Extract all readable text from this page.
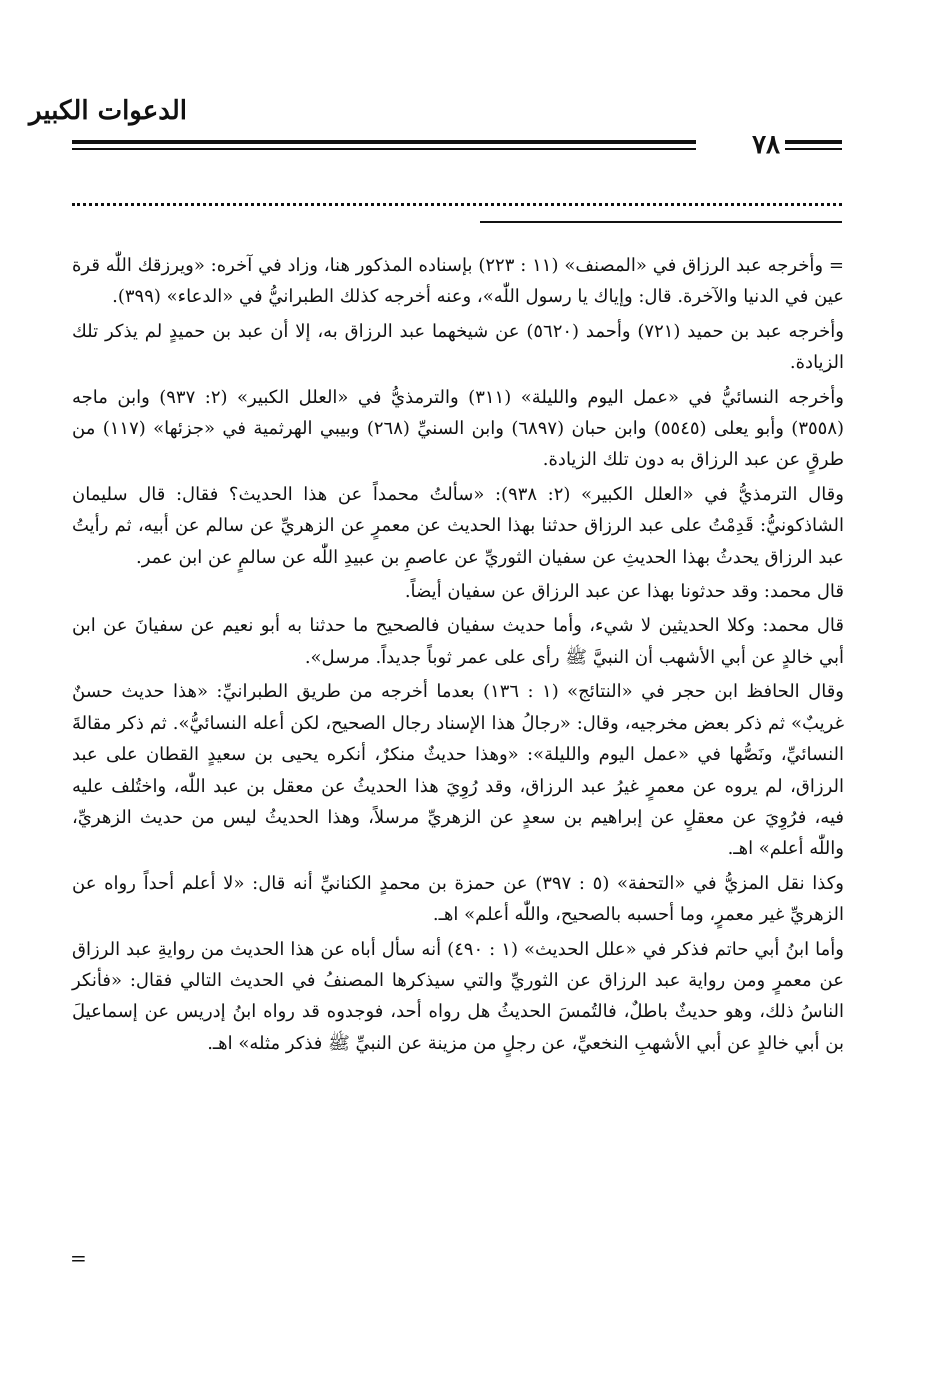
الدعوات الكبير
٧٨

= وأخرجه عبد الرزاق في «المصنف» (١١ : ٢٢٣) بإسناده المذكور هنا، وزاد في آخره: «ويرزقك اللّٰه قرة عين في الدنيا والآخرة. قال: وإياك يا رسول اللّٰه»، وعنه أخرجه كذلك الطبرانيُّ في «الدعاء» (٣٩٩).

وأخرجه عبد بن حميد (٧٢١) وأحمد (٥٦٢٠) عن شيخهما عبد الرزاق به، إلا أن عبد بن حميدٍ لم يذكر تلك الزيادة.

وأخرجه النسائيُّ في «عمل اليوم والليلة» (٣١١) والترمذيُّ في «العلل الكبير» (٢: ٩٣٧) وابن ماجه (٣٥٥٨) وأبو يعلى (٥٥٤٥) وابن حبان (٦٨٩٧) وابن السنيِّ (٢٦٨) وبيبي الهرثمية في «جزئها» (١١٧) من طرقٍ عن عبد الرزاق به دون تلك الزيادة.

وقال الترمذيُّ في «العلل الكبير» (٢: ٩٣٨): «سألتُ محمداً عن هذا الحديث؟ فقال: قال سليمان الشاذكونيُّ: قَدِمْتُ على عبد الرزاق حدثنا بهذا الحديث عن معمرٍ عن الزهريِّ عن سالم عن أبيه، ثم رأيتُ عبد الرزاق يحدثُ بهذا الحديثِ عن سفيان الثوريِّ عن عاصمِ بن عبيدِ اللّٰه عن سالمٍ عن ابن عمر.

قال محمد: وقد حدثونا بهذا عن عبد الرزاق عن سفيان أيضاً.

قال محمد: وكلا الحديثين لا شيء، وأما حديث سفيان فالصحيح ما حدثنا به أبو نعيم عن سفيانَ عن ابن أبي خالدٍ عن أبي الأشهب أن النبيَّ ﷺ رأى على عمر ثوباً جديداً. مرسل».

وقال الحافظ ابن حجر في «النتائج» (١ : ١٣٦) بعدما أخرجه من طريق الطبرانيِّ: «هذا حديث حسنٌ غريبٌ» ثم ذكر بعض مخرجيه، وقال: «رجالُ هذا الإسناد رجال الصحيح، لكن أعله النسائيُّ». ثم ذكر مقالةَ النسائيِّ، ونَصُّها في «عمل اليوم والليلة»: «وهذا حديثٌ منكرٌ، أنكره يحيى بن سعيدٍ القطان على عبد الرزاق، لم يروه عن معمرٍ غيرُ عبد الرزاق، وقد رُوِيَ هذا الحديثُ عن معقل بن عبد اللّٰه، واختُلف عليه فيه، فرُوِيَ عن معقلٍ عن إبراهيم بن سعدٍ عن الزهريِّ مرسلاً، وهذا الحديثُ ليس من حديث الزهريِّ، واللّٰه أعلم» اهـ.

وكذا نقل المزيُّ في «التحفة» (٥ : ٣٩٧) عن حمزة بن محمدٍ الكنانيِّ أنه قال: «لا أعلم أحداً رواه عن الزهريِّ غير معمرٍ، وما أحسبه بالصحيح، واللّٰه أعلم» اهـ.

وأما ابنُ أبي حاتم فذكر في «علل الحديث» (١ : ٤٩٠) أنه سأل أباه عن هذا الحديث من روايةِ عبد الرزاق عن معمرٍ ومن رواية عبد الرزاق عن الثوريِّ والتي سيذكرها المصنفُ في الحديث التالي فقال: «فأنكر الناسُ ذلك، وهو حديثٌ باطلٌ، فالتُمسَ الحديثُ هل رواه أحد، فوجدوه قد رواه ابنُ إدريس عن إسماعيلَ بن أبي خالدٍ عن أبي الأشهبِ النخعيِّ، عن رجلٍ من مزينة عن النبيِّ ﷺ فذكر مثله» اهـ.

=
